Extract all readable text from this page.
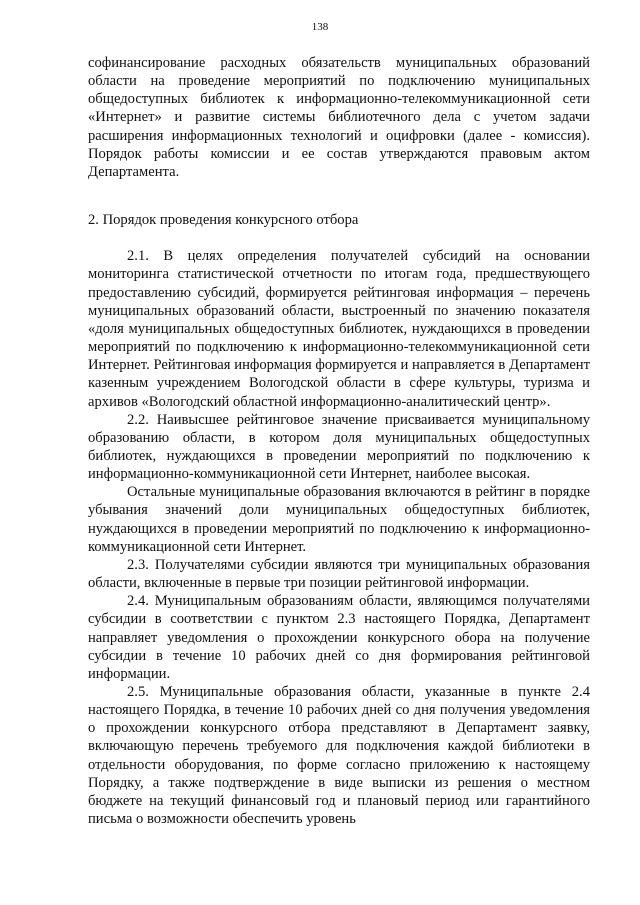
138

софинансирование расходных обязательств муниципальных образований области на проведение мероприятий по подключению муниципальных общедоступных библиотек к информационно-телекоммуникационной сети «Интернет» и развитие системы библиотечного дела с учетом задачи расширения информационных технологий и оцифровки (далее - комиссия). Порядок работы комиссии и ее состав утверждаются правовым актом Департамента.

2. Порядок проведения конкурсного отбора

2.1. В целях определения получателей субсидий на основании мониторинга статистической отчетности по итогам года, предшествующего предоставлению субсидий, формируется рейтинговая информация – перечень муниципальных образований области, выстроенный по значению показателя «доля муниципальных общедоступных библиотек, нуждающихся в проведении мероприятий по подключению к информационно-телекоммуникационной сети Интернет. Рейтинговая информация формируется и направляется в Департамент казенным учреждением Вологодской области в сфере культуры, туризма и архивов «Вологодский областной информационно-аналитический центр».

2.2. Наивысшее рейтинговое значение присваивается муниципальному образованию области, в котором доля муниципальных общедоступных библиотек, нуждающихся в проведении мероприятий по подключению к информационно-коммуникационной сети Интернет, наиболее высокая.

Остальные муниципальные образования включаются в рейтинг в порядке убывания значений доли муниципальных общедоступных библиотек, нуждающихся в проведении мероприятий по подключению к информационно-коммуникационной сети Интернет.

2.3. Получателями субсидии являются три муниципальных образования области, включенные в первые три позиции рейтинговой информации.

2.4. Муниципальным образованиям области, являющимся получателями субсидии в соответствии с пунктом 2.3 настоящего Порядка, Департамент направляет уведомления о прохождении конкурсного обора на получение субсидии в течение 10 рабочих дней со дня формирования рейтинговой информации.

2.5. Муниципальные образования области, указанные в пункте 2.4 настоящего Порядка, в течение 10 рабочих дней со дня получения уведомления о прохождении конкурсного отбора представляют в Департамент заявку, включающую перечень требуемого для подключения каждой библиотеки в отдельности оборудования, по форме согласно приложению к настоящему Порядку, а также подтверждение в виде выписки из решения о местном бюджете на текущий финансовый год и плановый период или гарантийного письма о возможности обеспечить уровень
